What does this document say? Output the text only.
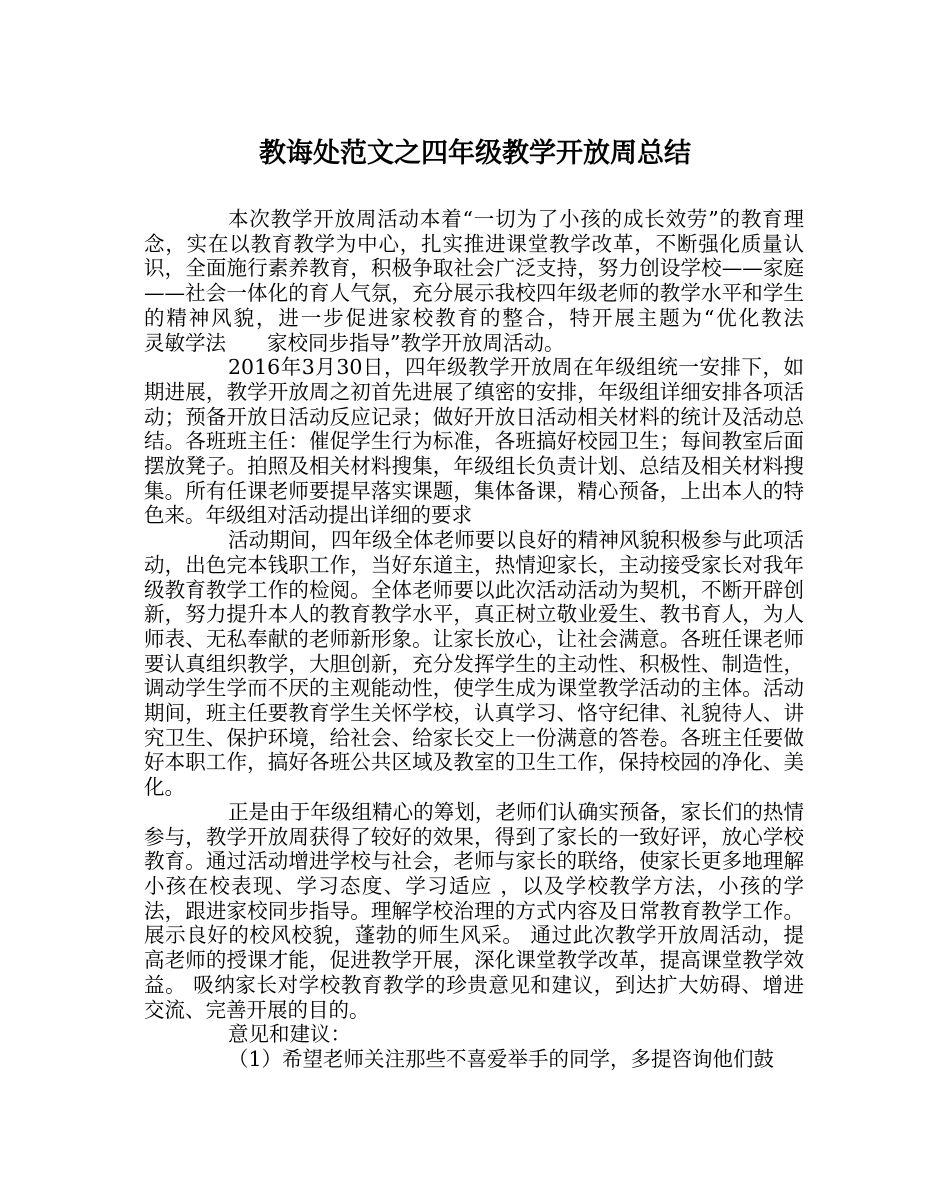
教诲处范文之四年级教学开放周总结

本次教学开放周活动本着“一切为了小孩的成长效劳”的教育理念，实在以教育教学为中心，扎实推进课堂教学改革，不断强化质量认识，全面施行素养教育，积极争取社会广泛支持，努力创设学校——家庭——社会一体化的育人气氛，充分展示我校四年级老师的教学水平和学生的精神风貌，进一步促进家校教育的整合，特开展主题为“优化教法　　灵敏学法　　家校同步指导”教学开放周活动。

2016年3月30日，四年级教学开放周在年级组统一安排下，如期进展，教学开放周之初首先进展了缜密的安排，年级组详细安排各项活动；预备开放日活动反应记录；做好开放日活动相关材料的统计及活动总结。各班班主任：催促学生行为标准，各班搞好校园卫生；每间教室后面摆放凳子。拍照及相关材料搜集，年级组长负责计划、总结及相关材料搜集。所有任课老师要提早落实课题，集体备课，精心预备，上出本人的特色来。年级组对活动提出详细的要求

活动期间，四年级全体老师要以良好的精神风貌积极参与此项活动，出色完本钱职工作，当好东道主，热情迎家长，主动接受家长对我年级教育教学工作的检阅。全体老师要以此次活动活动为契机，不断开辟创新，努力提升本人的教育教学水平，真正树立敬业爱生、教书育人，为人师表、无私奉献的老师新形象。让家长放心，让社会满意。各班任课老师要认真组织教学，大胆创新，充分发挥学生的主动性、积极性、制造性，调动学生学而不厌的主观能动性，使学生成为课堂教学活动的主体。活动期间，班主任要教育学生关怀学校，认真学习、恪守纪律、礼貌待人、讲究卫生、保护环境，给社会、给家长交上一份满意的答卷。各班主任要做好本职工作，搞好各班公共区域及教室的卫生工作，保持校园的净化、美化。

正是由于年级组精心的筹划，老师们认确实预备，家长们的热情参与，教学开放周获得了较好的效果，得到了家长的一致好评，放心学校教育。通过活动增进学校与社会，老师与家长的联络，使家长更多地理解小孩在校表现、学习态度、学习适应 ，以及学校教学方法，小孩的学法，跟进家校同步指导。理解学校治理的方式内容及日常教育教学工作。 展示良好的校风校貌，蓬勃的师生风采。 通过此次教学开放周活动，提高老师的授课才能，促进教学开展，深化课堂教学改革，提高课堂教学效益。 吸纳家长对学校教育教学的珍贵意见和建议，到达扩大妨碍、增进交流、完善开展的目的。

意见和建议：

（1）希望老师关注那些不喜爱举手的同学，多提咨询他们鼓
